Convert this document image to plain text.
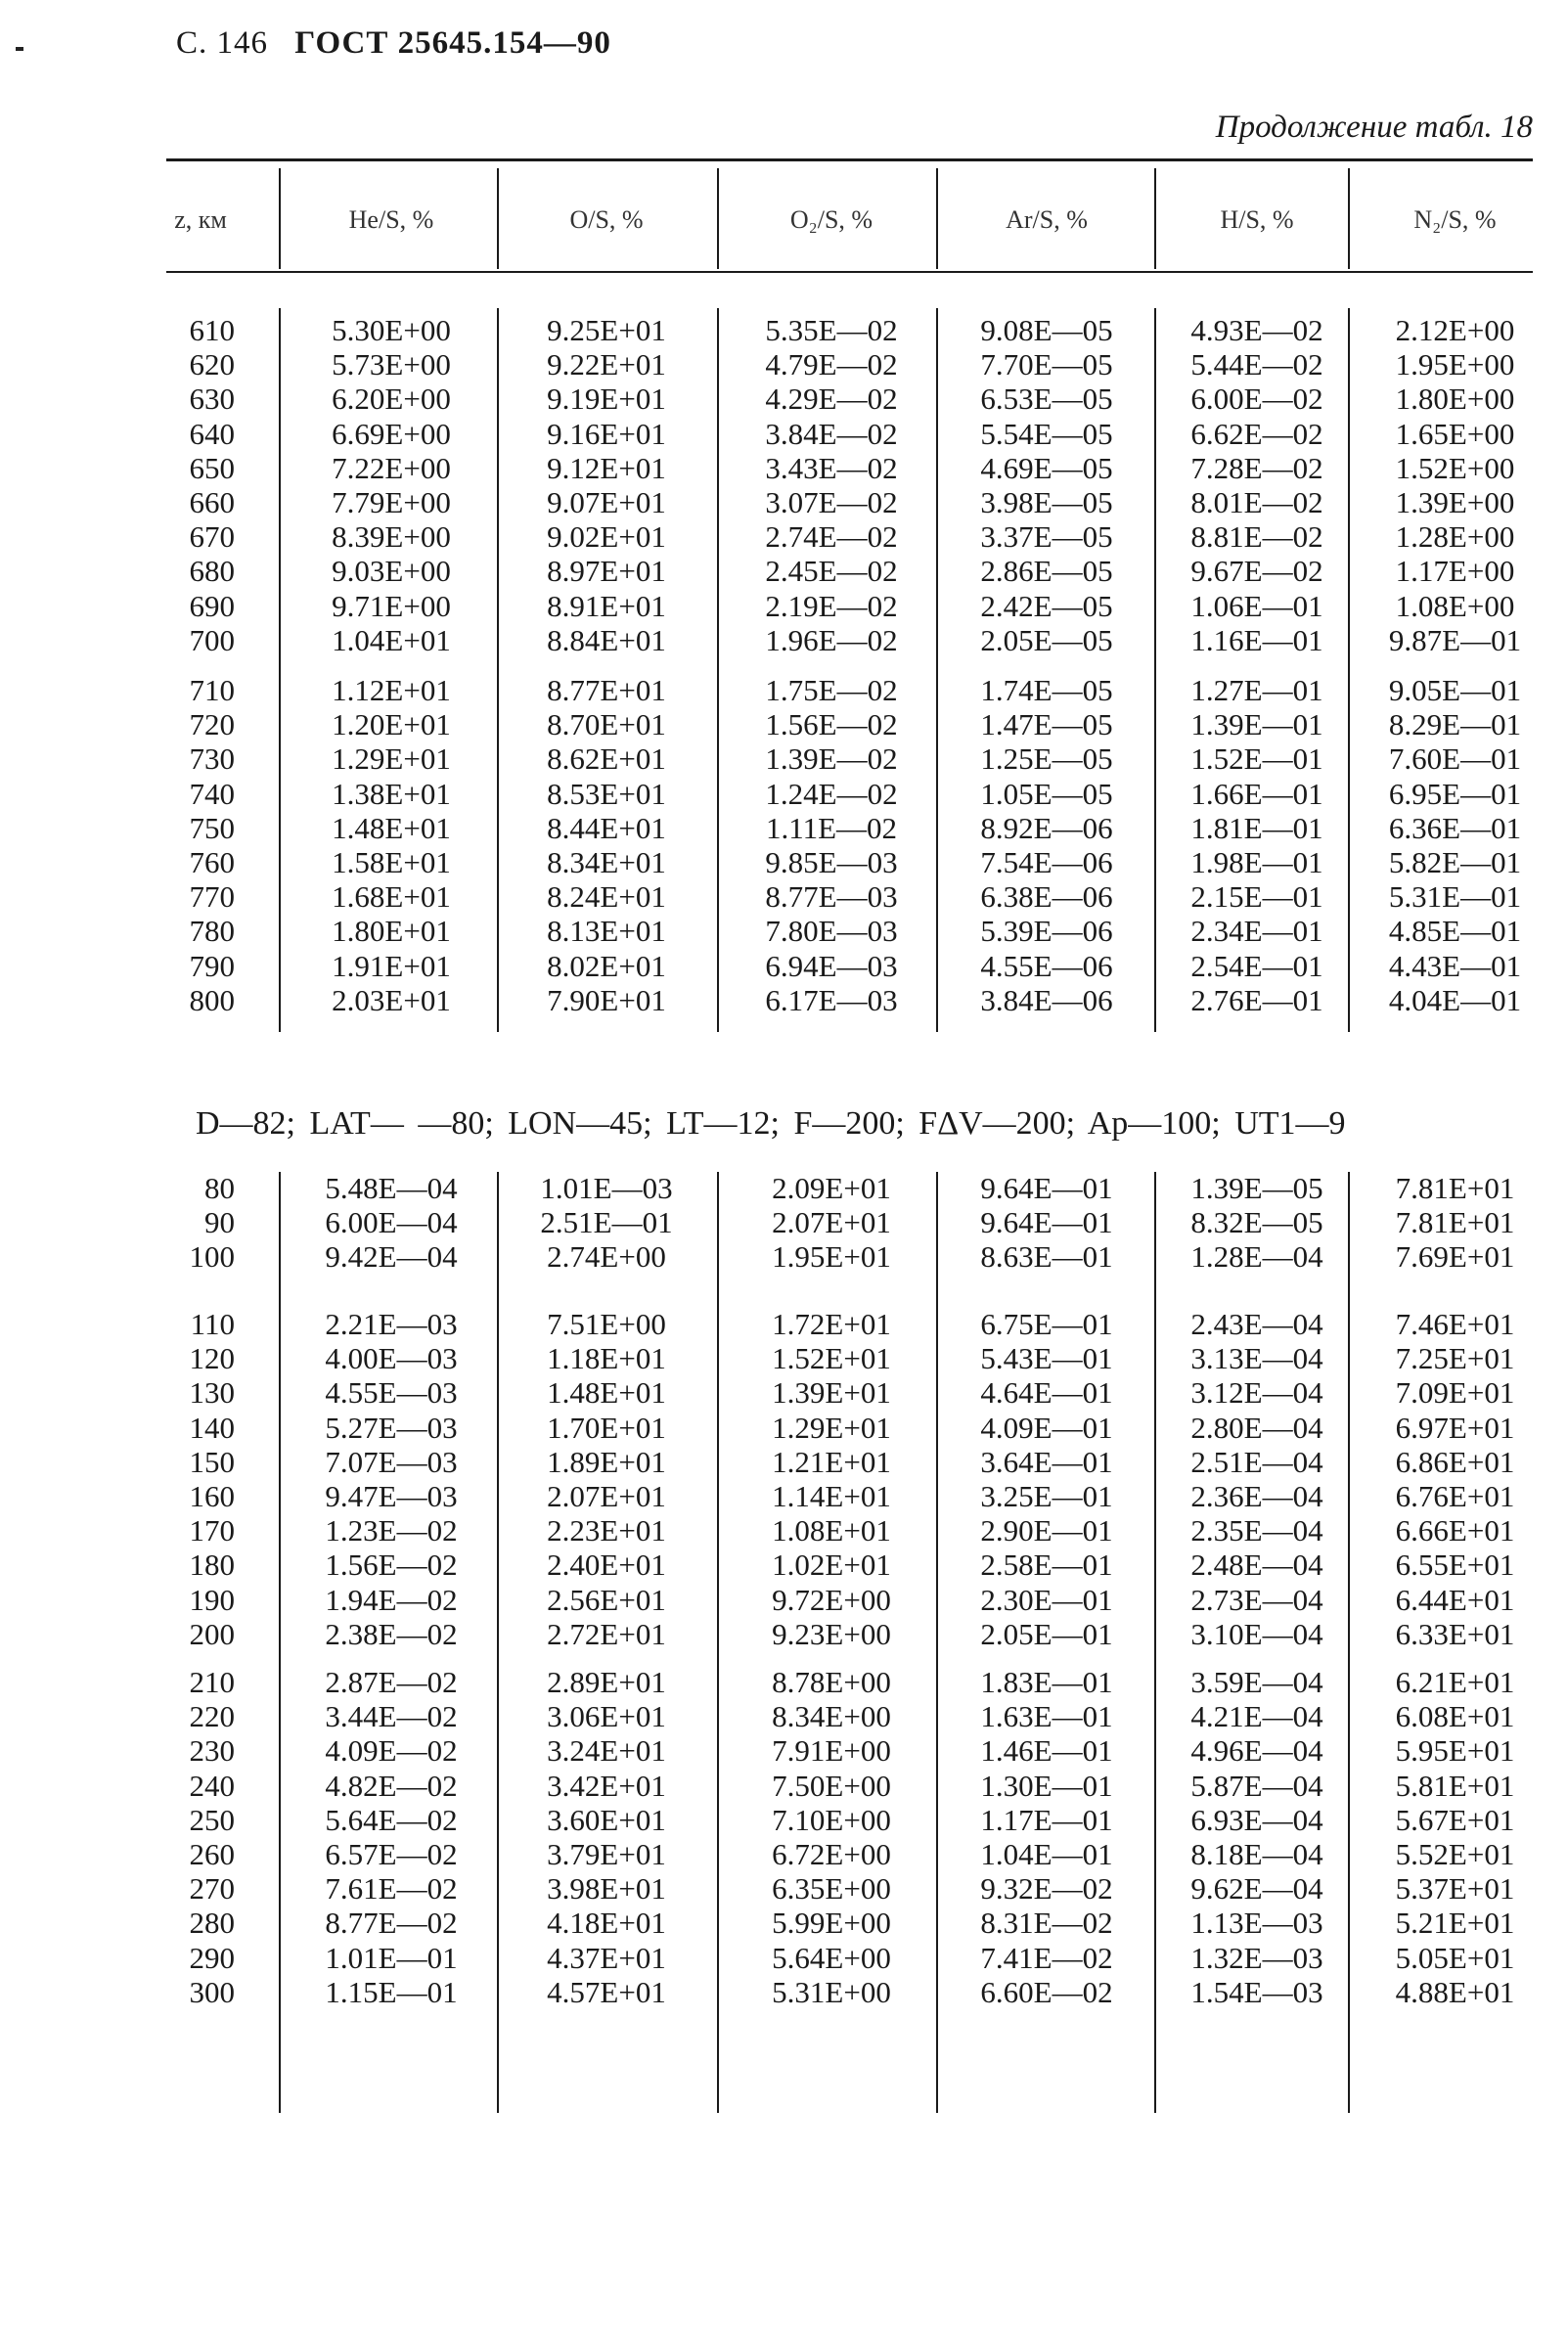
С. 146 ГОСТ 25645.154—90
Продолжение табл. 18
z, км	He/S, %	O/S, %	O₂/S, %	Ar/S, %	H/S, %	N₂/S, %
610	5.30E+00	9.25E+01	5.35E—02	9.08E—05	4.93E—02	2.12E+00
620	5.73E+00	9.22E+01	4.79E—02	7.70E—05	5.44E—02	1.95E+00
630	6.20E+00	9.19E+01	4.29E—02	6.53E—05	6.00E—02	1.80E+00
640	6.69E+00	9.16E+01	3.84E—02	5.54E—05	6.62E—02	1.65E+00
650	7.22E+00	9.12E+01	3.43E—02	4.69E—05	7.28E—02	1.52E+00
660	7.79E+00	9.07E+01	3.07E—02	3.98E—05	8.01E—02	1.39E+00
670	8.39E+00	9.02E+01	2.74E—02	3.37E—05	8.81E—02	1.28E+00
680	9.03E+00	8.97E+01	2.45E—02	2.86E—05	9.67E—02	1.17E+00
690	9.71E+00	8.91E+01	2.19E—02	2.42E—05	1.06E—01	1.08E+00
700	1.04E+01	8.84E+01	1.96E—02	2.05E—05	1.16E—01	9.87E—01
710	1.12E+01	8.77E+01	1.75E—02	1.74E—05	1.27E—01	9.05E—01
720	1.20E+01	8.70E+01	1.56E—02	1.47E—05	1.39E—01	8.29E—01
730	1.29E+01	8.62E+01	1.39E—02	1.25E—05	1.52E—01	7.60E—01
740	1.38E+01	8.53E+01	1.24E—02	1.05E—05	1.66E—01	6.95E—01
750	1.48E+01	8.44E+01	1.11E—02	8.92E—06	1.81E—01	6.36E—01
760	1.58E+01	8.34E+01	9.85E—03	7.54E—06	1.98E—01	5.82E—01
770	1.68E+01	8.24E+01	8.77E—03	6.38E—06	2.15E—01	5.31E—01
780	1.80E+01	8.13E+01	7.80E—03	5.39E—06	2.34E—01	4.85E—01
790	1.91E+01	8.02E+01	6.94E—03	4.55E—06	2.54E—01	4.43E—01
800	2.03E+01	7.90E+01	6.17E—03	3.84E—06	2.76E—01	4.04E—01
D—82; LAT— —80; LON—45; LT—12; F—200; FΔV—200; Ap—100; UT1—9
80	5.48E—04	1.01E—03	2.09E+01	9.64E—01	1.39E—05	7.81E+01
90	6.00E—04	2.51E—01	2.07E+01	9.64E—01	8.32E—05	7.81E+01
100	9.42E—04	2.74E+00	1.95E+01	8.63E—01	1.28E—04	7.69E+01
110	2.21E—03	7.51E+00	1.72E+01	6.75E—01	2.43E—04	7.46E+01
120	4.00E—03	1.18E+01	1.52E+01	5.43E—01	3.13E—04	7.25E+01
130	4.55E—03	1.48E+01	1.39E+01	4.64E—01	3.12E—04	7.09E+01
140	5.27E—03	1.70E+01	1.29E+01	4.09E—01	2.80E—04	6.97E+01
150	7.07E—03	1.89E+01	1.21E+01	3.64E—01	2.51E—04	6.86E+01
160	9.47E—03	2.07E+01	1.14E+01	3.25E—01	2.36E—04	6.76E+01
170	1.23E—02	2.23E+01	1.08E+01	2.90E—01	2.35E—04	6.66E+01
180	1.56E—02	2.40E+01	1.02E+01	2.58E—01	2.48E—04	6.55E+01
190	1.94E—02	2.56E+01	9.72E+00	2.30E—01	2.73E—04	6.44E+01
200	2.38E—02	2.72E+01	9.23E+00	2.05E—01	3.10E—04	6.33E+01
210	2.87E—02	2.89E+01	8.78E+00	1.83E—01	3.59E—04	6.21E+01
220	3.44E—02	3.06E+01	8.34E+00	1.63E—01	4.21E—04	6.08E+01
230	4.09E—02	3.24E+01	7.91E+00	1.46E—01	4.96E—04	5.95E+01
240	4.82E—02	3.42E+01	7.50E+00	1.30E—01	5.87E—04	5.81E+01
250	5.64E—02	3.60E+01	7.10E+00	1.17E—01	6.93E—04	5.67E+01
260	6.57E—02	3.79E+01	6.72E+00	1.04E—01	8.18E—04	5.52E+01
270	7.61E—02	3.98E+01	6.35E+00	9.32E—02	9.62E—04	5.37E+01
280	8.77E—02	4.18E+01	5.99E+00	8.31E—02	1.13E—03	5.21E+01
290	1.01E—01	4.37E+01	5.64E+00	7.41E—02	1.32E—03	5.05E+01
300	1.15E—01	4.57E+01	5.31E+00	6.60E—02	1.54E—03	4.88E+01
